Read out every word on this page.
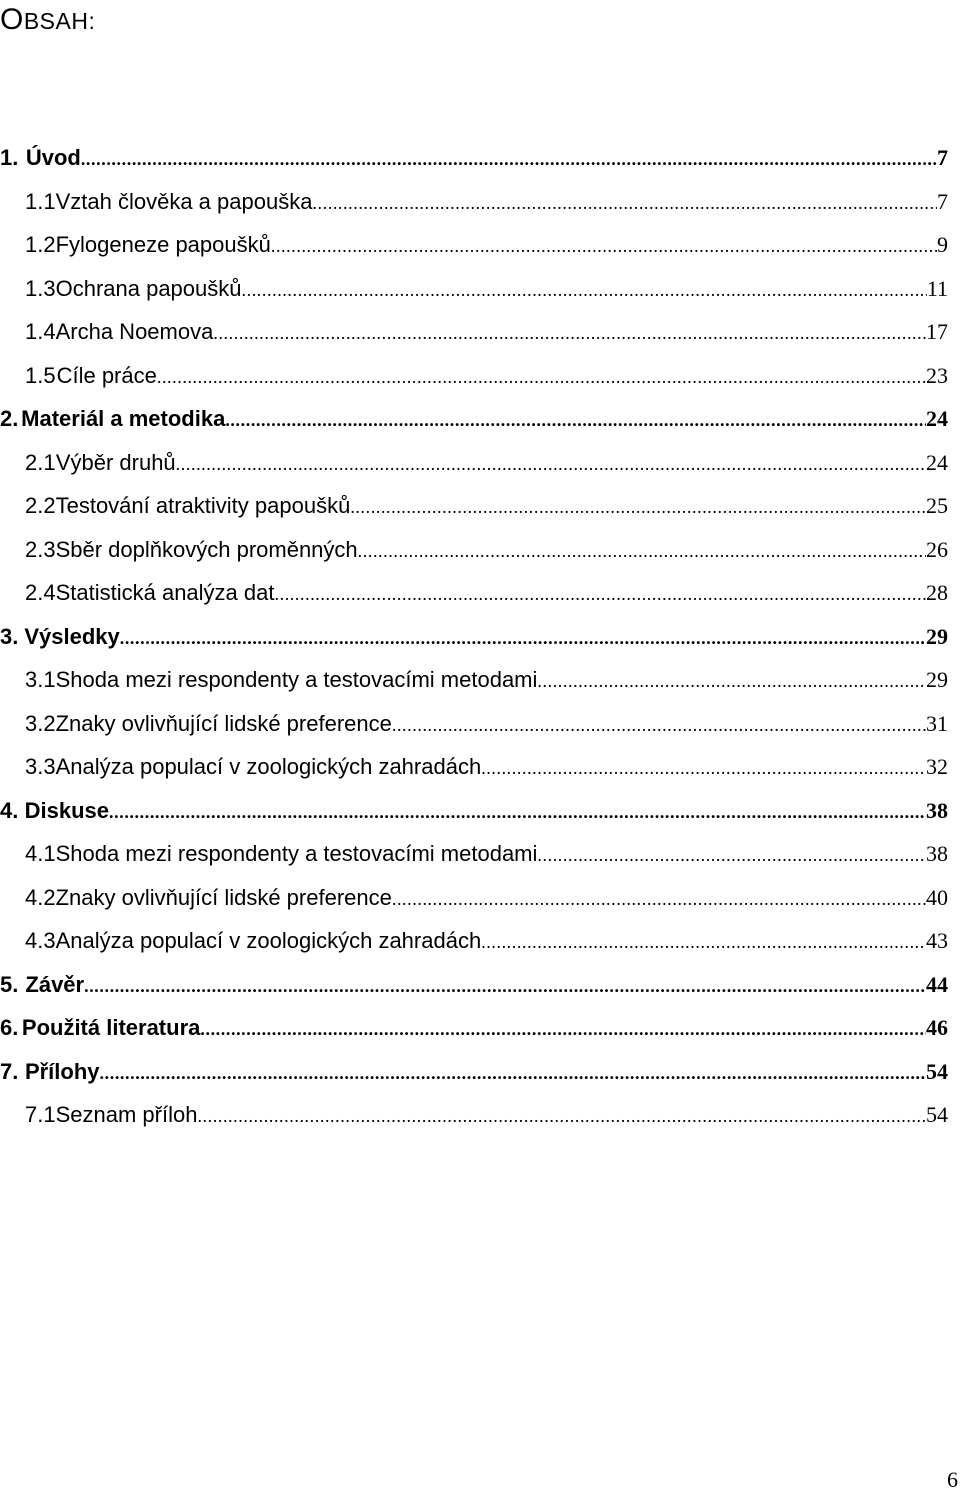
OBSAH:
1. Úvod .....	7
1.1 Vztah člověka a papouška .....	7
1.2 Fylogeneze papoušků .....	9
1.3 Ochrana papoušků .....	11
1.4 Archa Noemova .....	17
1.5 Cíle práce .....	23
2. Materiál a metodika .....	24
2.1 Výběr druhů .....	24
2.2 Testování atraktivity papoušků .....	25
2.3 Sběr doplňkových proměnných .....	26
2.4 Statistická analýza dat .....	28
3. Výsledky .....	29
3.1 Shoda mezi respondenty a testovacími metodami .....	29
3.2 Znaky ovlivňující lidské preference .....	31
3.3 Analýza populací v zoologických zahradách .....	32
4. Diskuse .....	38
4.1 Shoda mezi respondenty a testovacími metodami .....	38
4.2 Znaky ovlivňující lidské preference .....	40
4.3 Analýza populací v zoologických zahradách .....	43
5. Závěr .....	44
6. Použitá literatura .....	46
7. Přílohy .....	54
7.1 Seznam příloh .....	54
6
